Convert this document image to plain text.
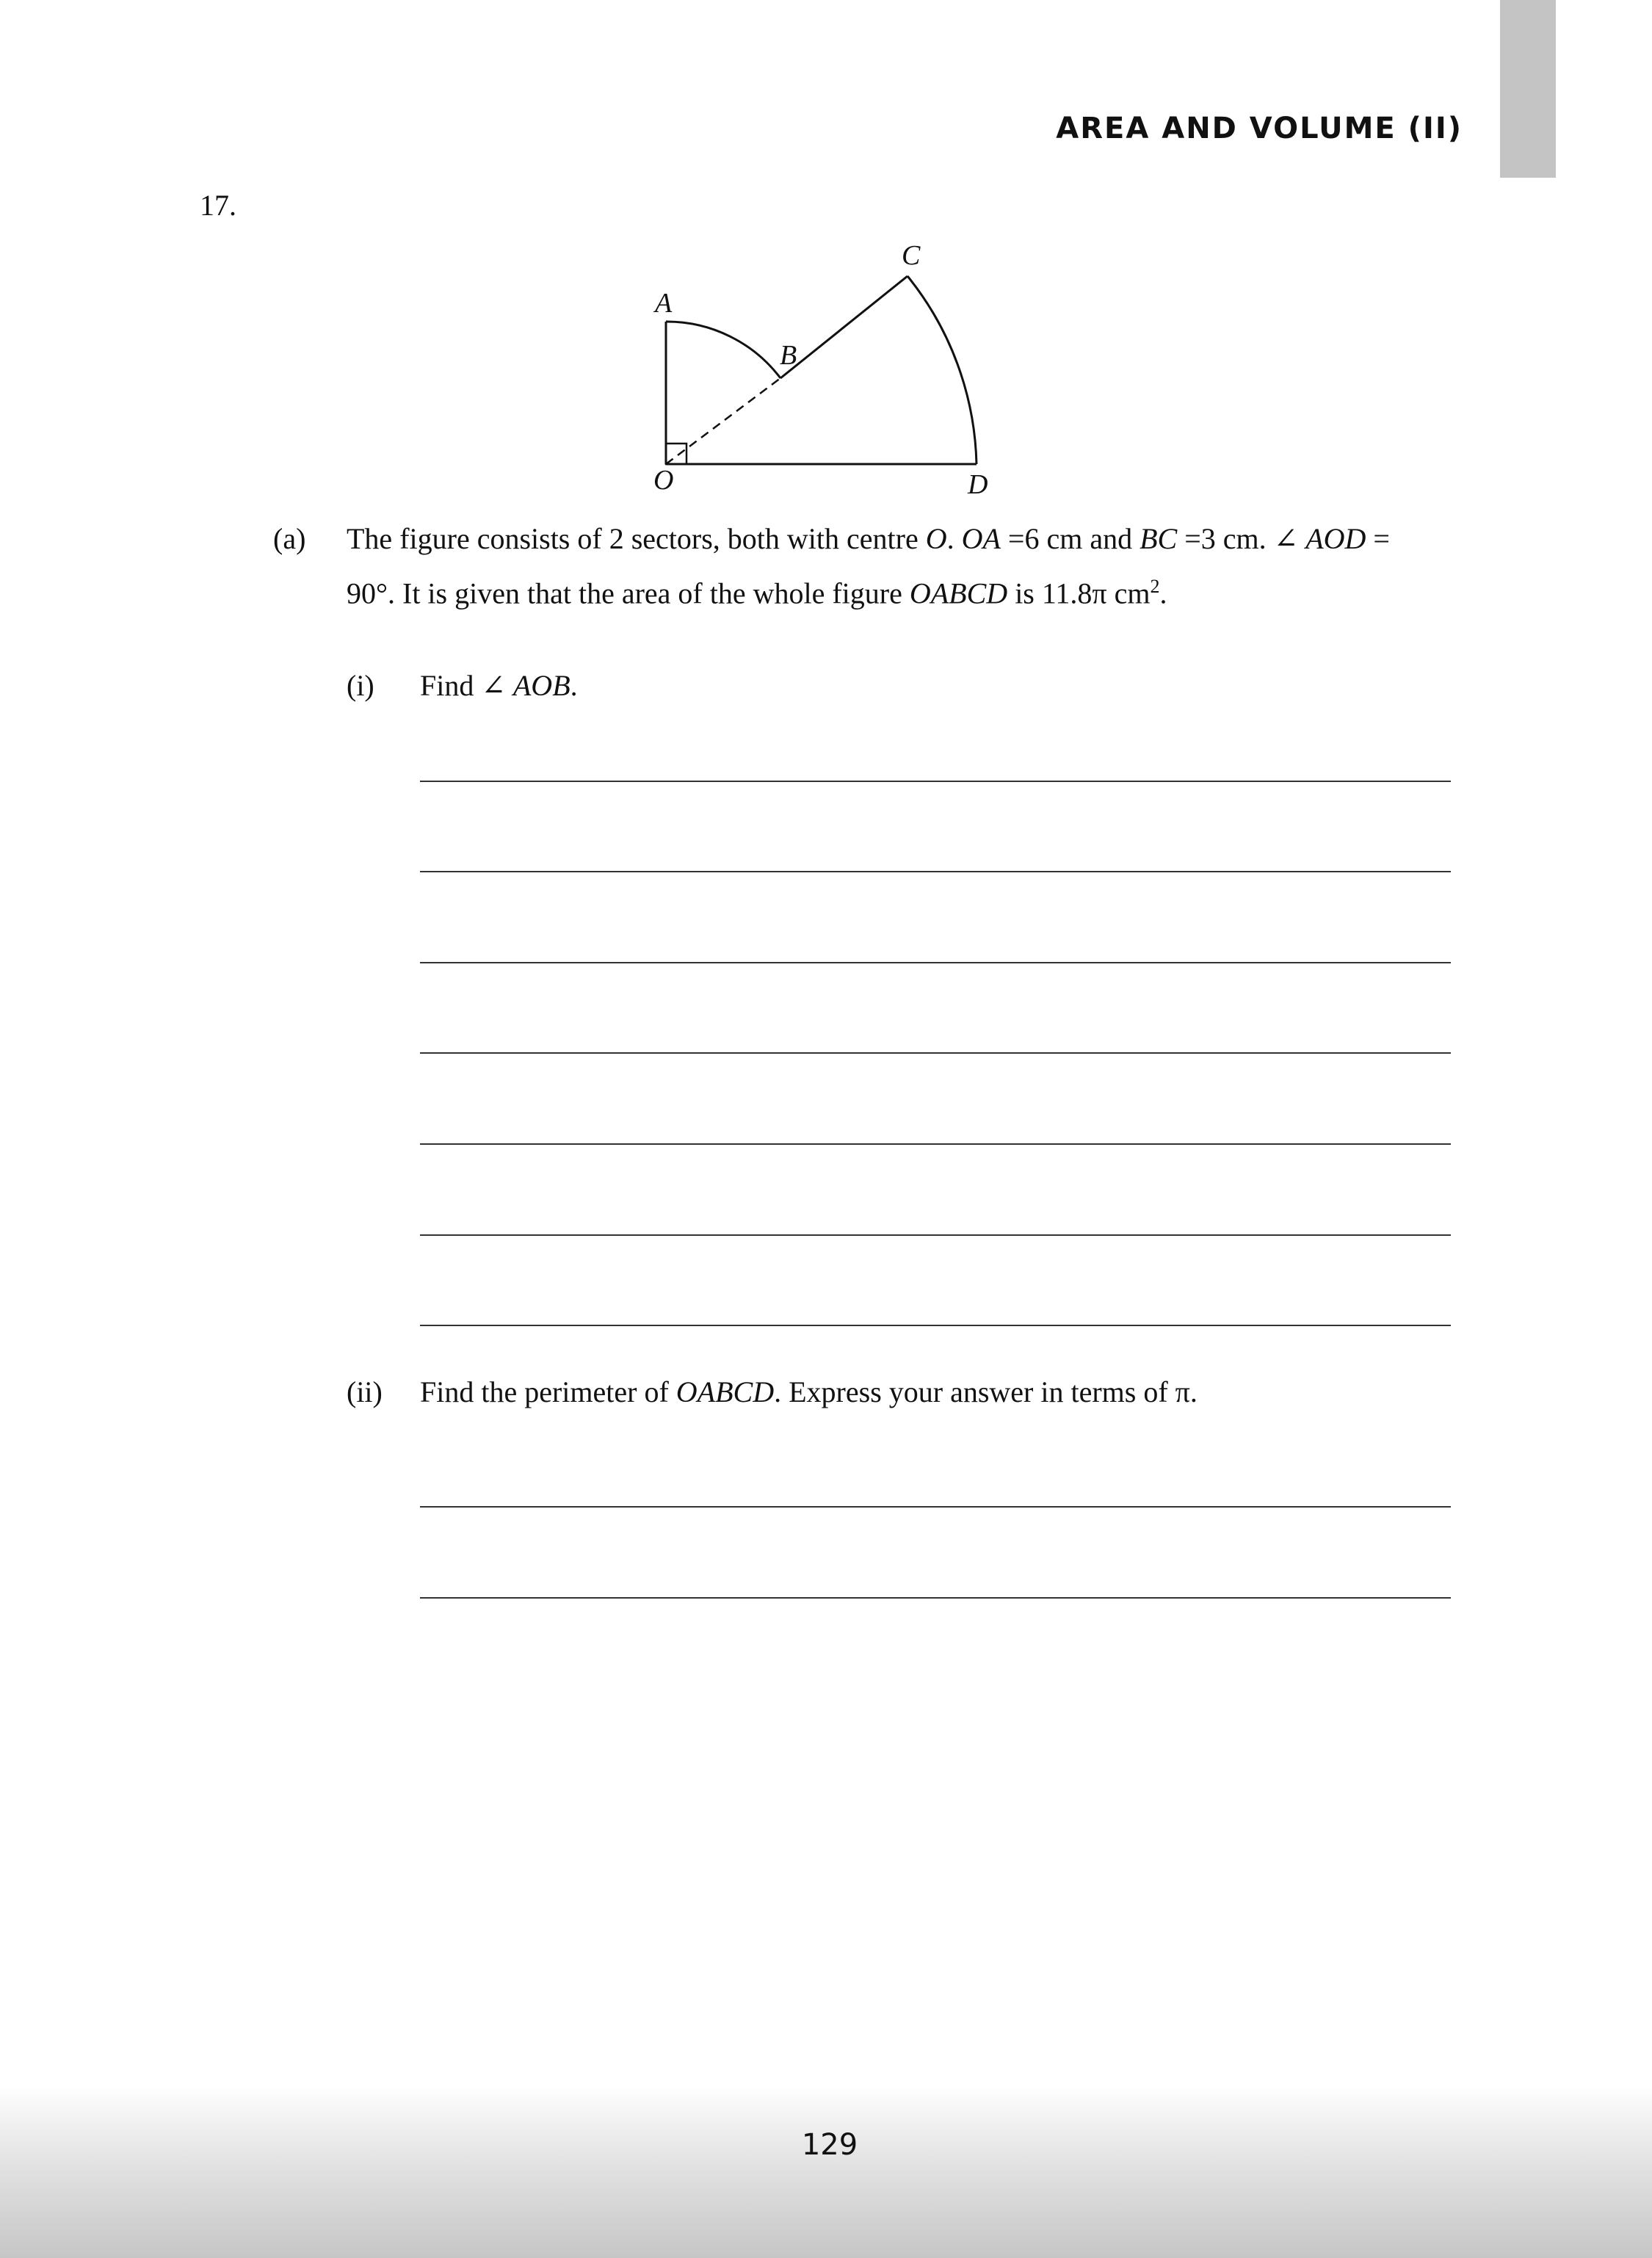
AREA AND VOLUME (II)
17.
A
B
C
O	D
(a) The figure consists of 2 sectors, both with centre O. OA =6 cm and BC =3 cm. ∠ AOD =
90°. It is given that the area of the whole figure OABCD is 11.8π $cm^2$.
(i) Find ∠ AOB.
(ii) Find the perimeter of OABCD. Express your answer in terms of π.
129
